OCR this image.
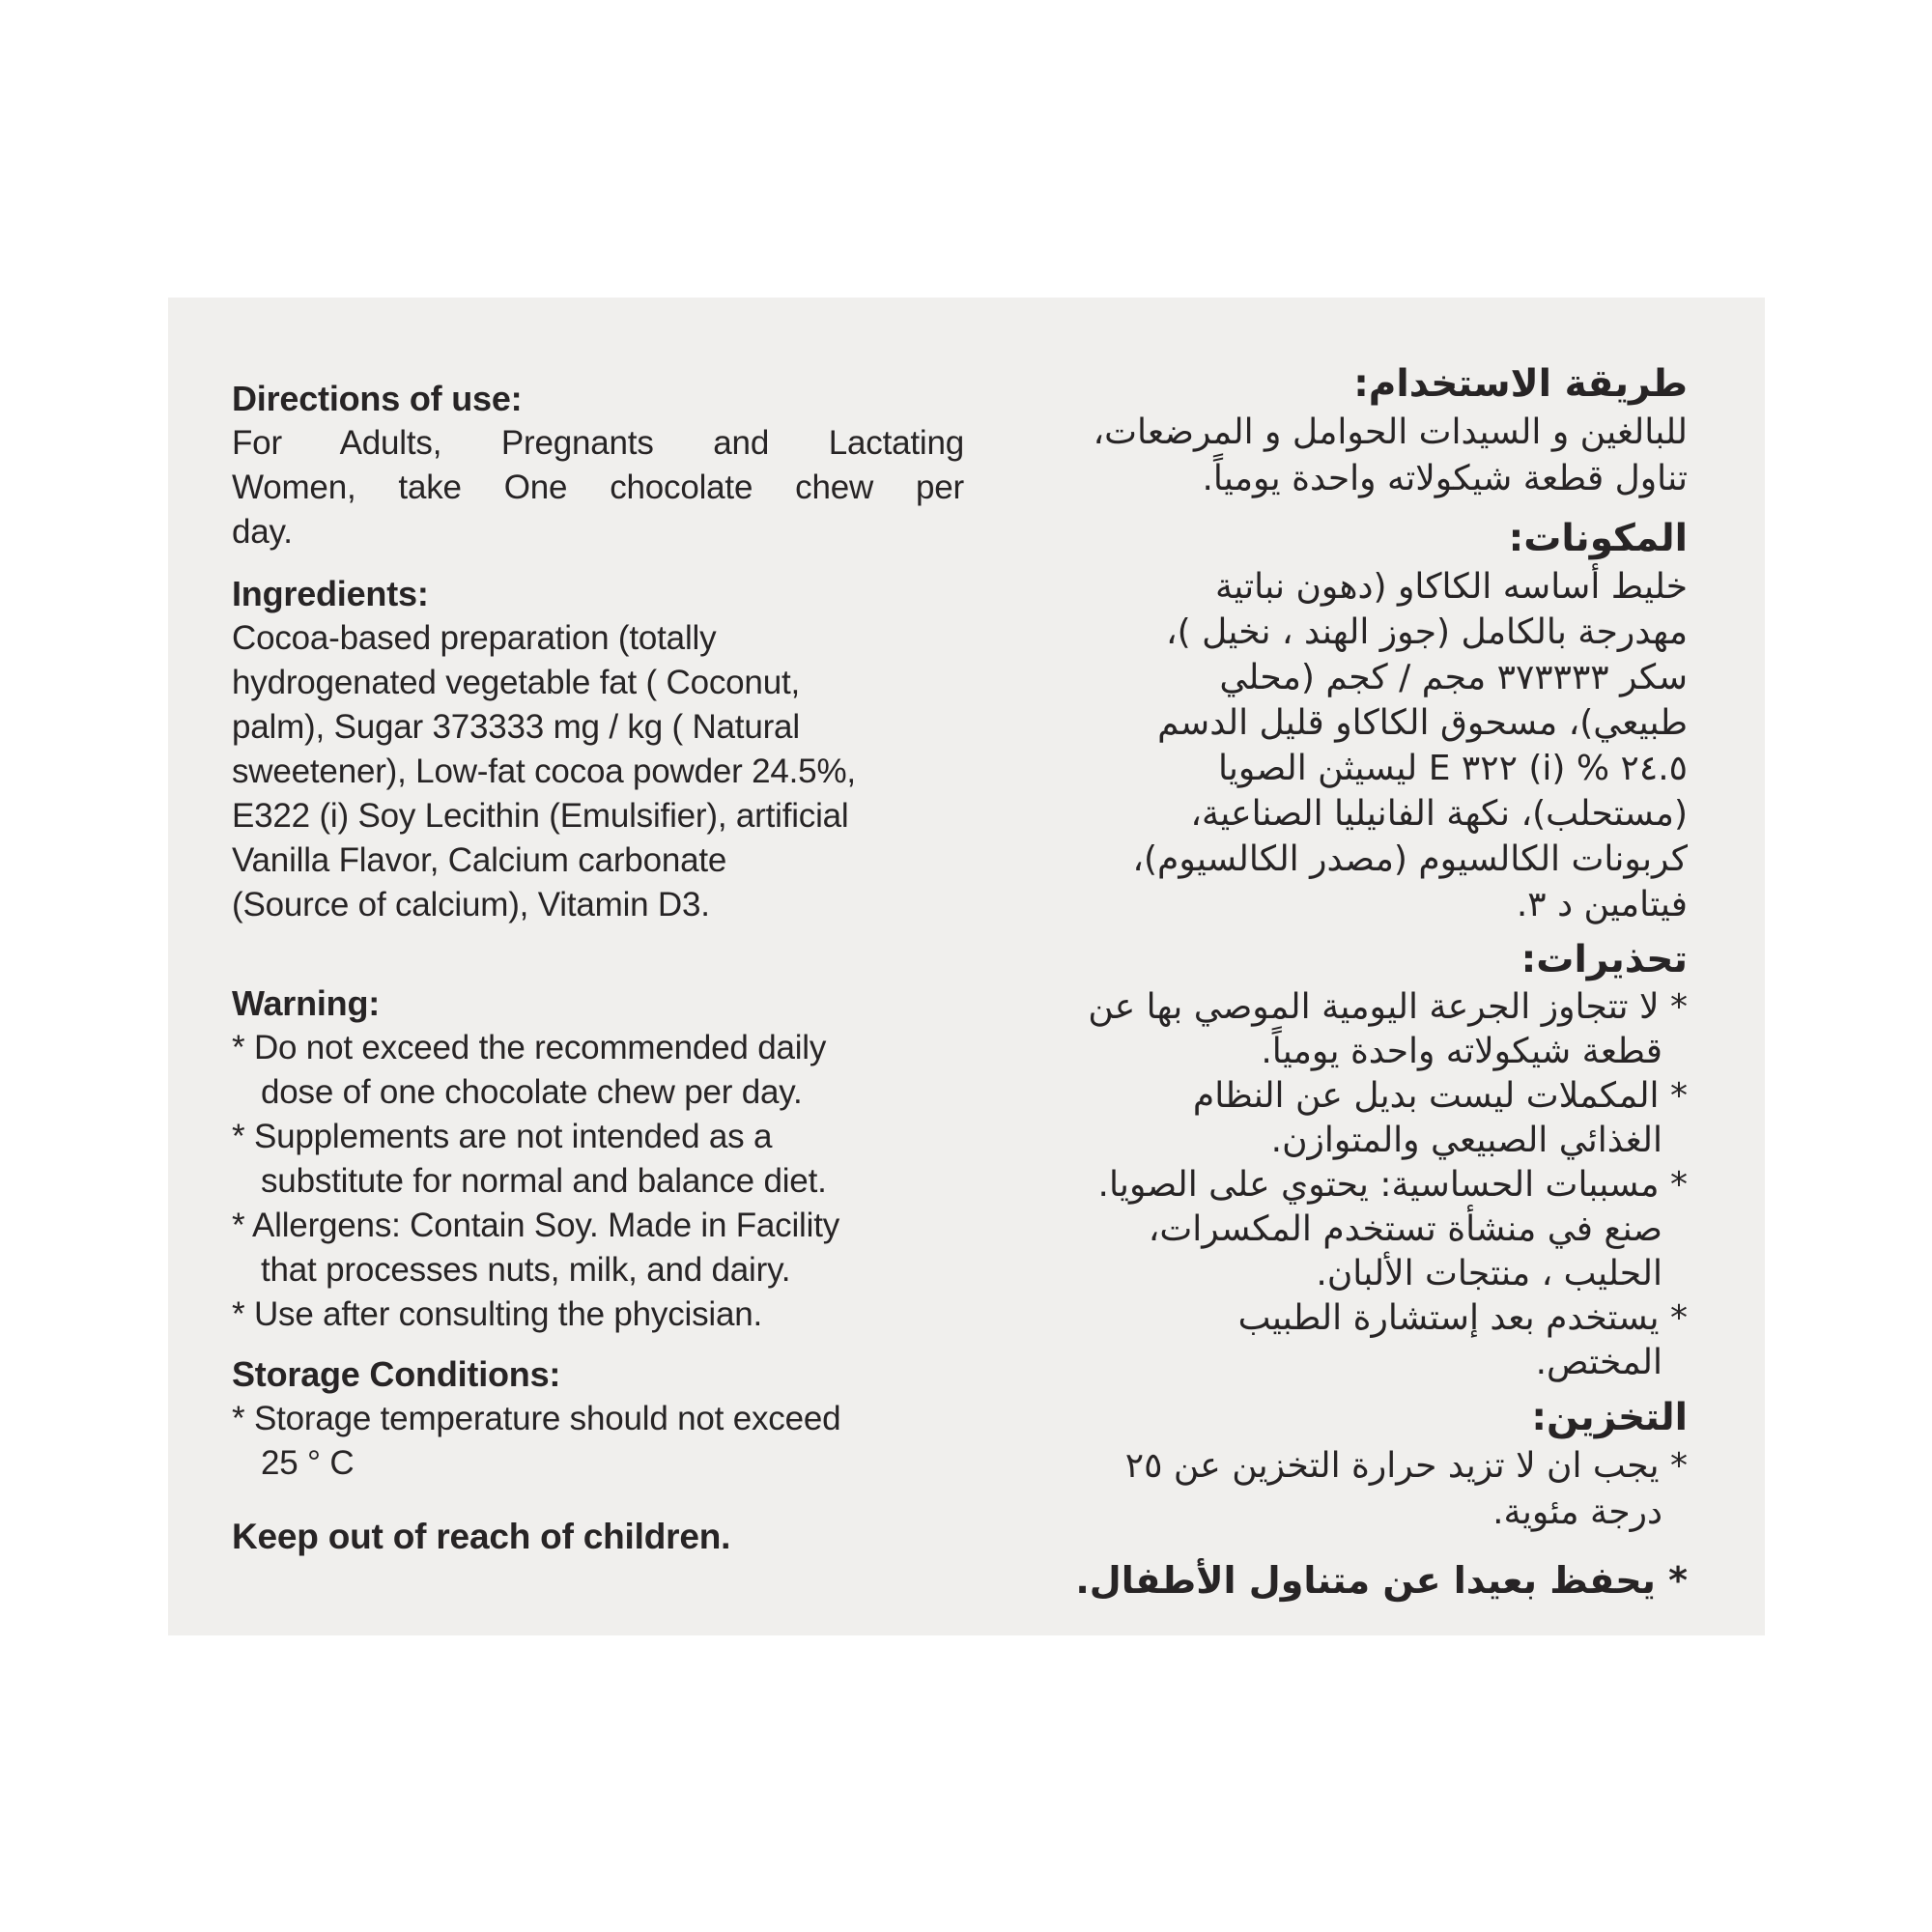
Directions of use:
For Adults, Pregnants and Lactating
Women, take One chocolate chew per
day.
Ingredients:
Cocoa-based preparation (totally
hydrogenated vegetable fat ( Coconut,
palm), Sugar 373333 mg / kg ( Natural
sweetener), Low-fat cocoa powder 24.5%,
E322 (i) Soy Lecithin (Emulsifier), artificial
Vanilla Flavor, Calcium carbonate
(Source of calcium), Vitamin D3.
Warning:
* Do not exceed the recommended daily
dose of one chocolate chew per day.
* Supplements are not intended as a
substitute for normal and balance diet.
* Allergens: Contain Soy. Made in Facility
that processes nuts, milk, and dairy.
* Use after consulting the phycisian.
Storage Conditions:
* Storage temperature should not exceed
25 ° C
Keep out of reach of children.
طريقة الاستخدام:
للبالغين و السيدات الحوامل و المرضعات،
تناول قطعة شيكولاته واحدة يومياً.
المكونات:
خليط أساسه الكاكاو (دهون نباتية
مهدرجة بالكامل (جوز الهند ، نخيل )،
سكر ٣٧٣٣٣٣ مجم / كجم (محلي
طبيعي)، مسحوق الكاكاو قليل الدسم
‪E ٣٢٢ (i) % ٢٤.٥‬ ليسيثن الصويا
(مستحلب)، نكهة الفانيليا الصناعية،
كربونات الكالسيوم (مصدر الكالسيوم)،
فيتامين د ٣.
تحذيرات:
* لا تتجاوز الجرعة اليومية الموصي بها عن
قطعة شيكولاته واحدة يومياً.
* المكملات ليست بديل عن النظام
الغذائي الصبيعي والمتوازن.
* مسببات الحساسية: يحتوي على الصويا.
صنع في منشأة تستخدم المكسرات،
الحليب ، منتجات الألبان.
* يستخدم بعد إستشارة الطبيب
المختص.
التخزين:
* يجب ان لا تزيد حرارة التخزين عن ٢٥
درجة مئوية.
* يحفظ بعيدا عن متناول الأطفال.
